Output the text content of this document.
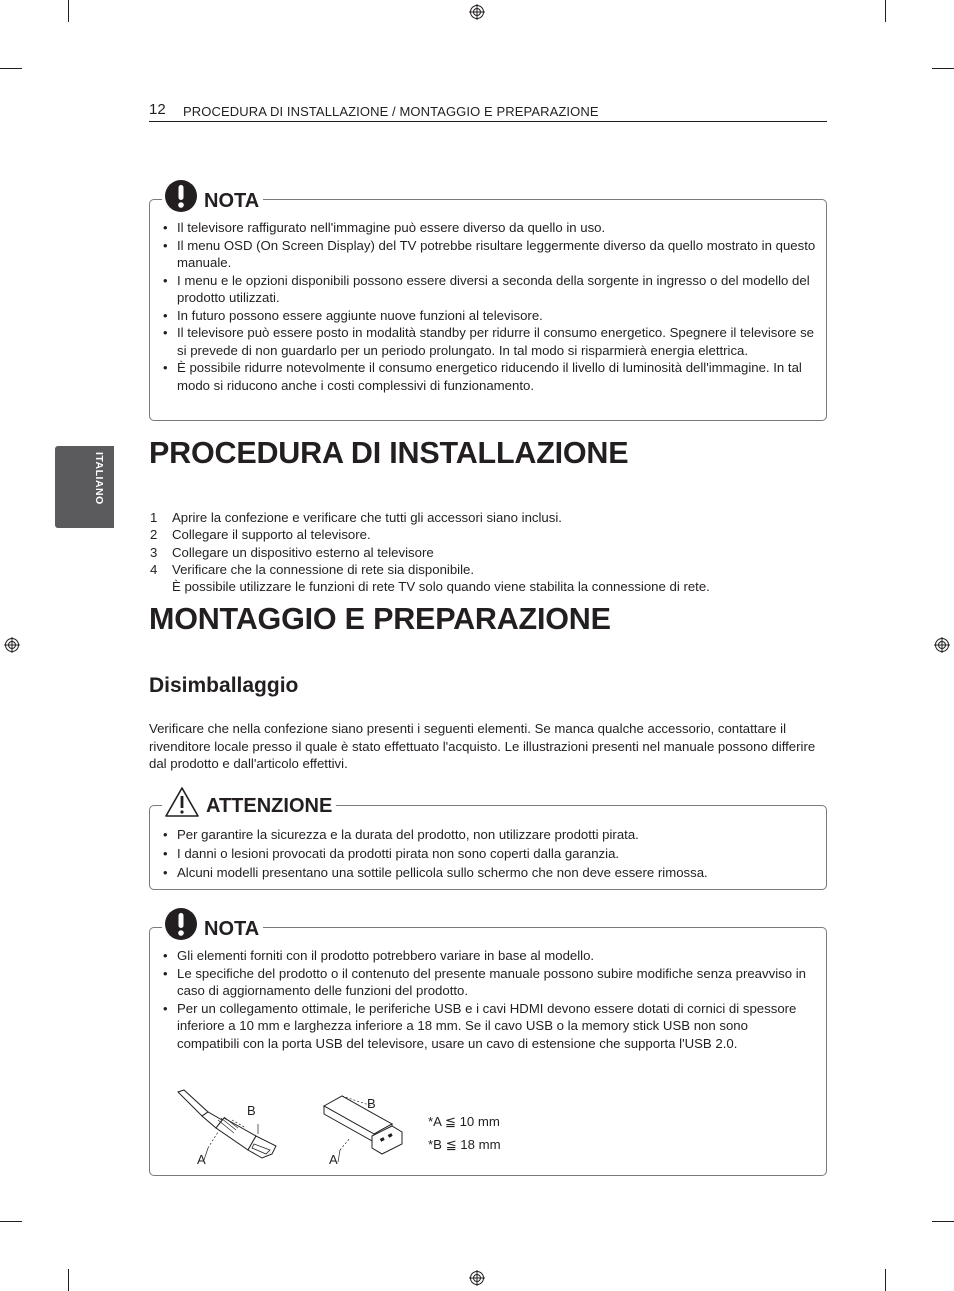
12 PROCEDURA DI INSTALLAZIONE / MONTAGGIO E PREPARAZIONE
ITALIANO
NOTA
• Il televisore raffigurato nell'immagine può essere diverso da quello in uso.
• Il menu OSD (On Screen Display) del TV potrebbe risultare leggermente diverso da quello mostrato in questo manuale.
• I menu e le opzioni disponibili possono essere diversi a seconda della sorgente in ingresso o del modello del prodotto utilizzati.
• In futuro possono essere aggiunte nuove funzioni al televisore.
• Il televisore può essere posto in modalità standby per ridurre il consumo energetico. Spegnere il televisore se si prevede di non guardarlo per un periodo prolungato. In tal modo si risparmierà energia elettrica.
• È possibile ridurre notevolmente il consumo energetico riducendo il livello di luminosità dell'immagine. In tal modo si riducono anche i costi complessivi di funzionamento.
PROCEDURA DI INSTALLAZIONE
1 Aprire la confezione e verificare che tutti gli accessori siano inclusi.
2 Collegare il supporto al televisore.
3 Collegare un dispositivo esterno al televisore
4 Verificare che la connessione di rete sia disponibile.
È possibile utilizzare le funzioni di rete TV solo quando viene stabilita la connessione di rete.
MONTAGGIO E PREPARAZIONE
Disimballaggio
Verificare che nella confezione siano presenti i seguenti elementi. Se manca qualche accessorio, contattare il rivenditore locale presso il quale è stato effettuato l'acquisto. Le illustrazioni presenti nel manuale possono differire dal prodotto e dall'articolo effettivi.
ATTENZIONE
• Per garantire la sicurezza e la durata del prodotto, non utilizzare prodotti pirata.
• I danni o lesioni provocati da prodotti pirata non sono coperti dalla garanzia.
• Alcuni modelli presentano una sottile pellicola sullo schermo che non deve essere rimossa.
NOTA
• Gli elementi forniti con il prodotto potrebbero variare in base al modello.
• Le specifiche del prodotto o il contenuto del presente manuale possono subire modifiche senza preavviso in caso di aggiornamento delle funzioni del prodotto.
• Per un collegamento ottimale, le periferiche USB e i cavi HDMI devono essere dotati di cornici di spessore inferiore a 10 mm e larghezza inferiore a 18 mm. Se il cavo USB o la memory stick USB non sono compatibili con la porta USB del televisore, usare un cavo di estensione che supporta l'USB 2.0.
B
A
B
A
*A ≦ 10 mm
*B ≦ 18 mm
